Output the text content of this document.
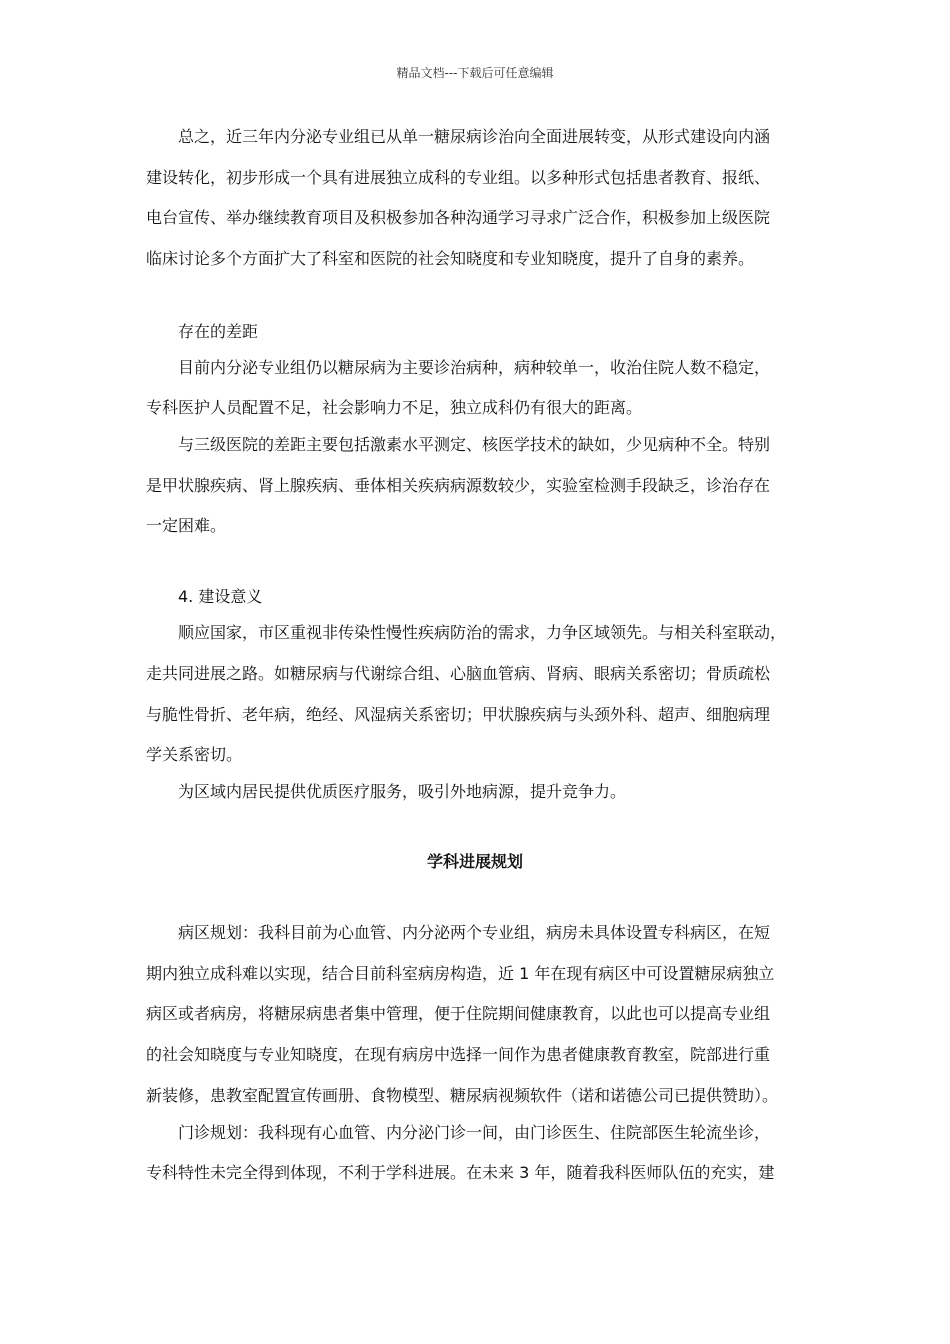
精品文档---下载后可任意编辑
总之，近三年内分泌专业组已从单一糖尿病诊治向全面进展转变，从形式建设向内涵
建设转化，初步形成一个具有进展独立成科的专业组。以多种形式包括患者教育、报纸、
电台宣传、举办继续教育项目及积极参加各种沟通学习寻求广泛合作，积极参加上级医院
临床讨论多个方面扩大了科室和医院的社会知晓度和专业知晓度，提升了自身的素养。
存在的差距
目前内分泌专业组仍以糖尿病为主要诊治病种，病种较单一，收治住院人数不稳定，
专科医护人员配置不足，社会影响力不足，独立成科仍有很大的距离。
与三级医院的差距主要包括激素水平测定、核医学技术的缺如，少见病种不全。特别
是甲状腺疾病、肾上腺疾病、垂体相关疾病病源数较少，实验室检测手段缺乏，诊治存在
一定困难。
4. 建设意义
顺应国家，市区重视非传染性慢性疾病防治的需求，力争区域领先。与相关科室联动，
走共同进展之路。如糖尿病与代谢综合组、心脑血管病、肾病、眼病关系密切；骨质疏松
与脆性骨折、老年病，绝经、风湿病关系密切；甲状腺疾病与头颈外科、超声、细胞病理
学关系密切。
为区域内居民提供优质医疗服务，吸引外地病源，提升竞争力。
学科进展规划
病区规划：我科目前为心血管、内分泌两个专业组，病房未具体设置专科病区，在短
期内独立成科难以实现，结合目前科室病房构造，近 1 年在现有病区中可设置糖尿病独立
病区或者病房，将糖尿病患者集中管理，便于住院期间健康教育，以此也可以提高专业组
的社会知晓度与专业知晓度，在现有病房中选择一间作为患者健康教育教室，院部进行重
新装修，患教室配置宣传画册、食物模型、糖尿病视频软件（诺和诺德公司已提供赞助）。
门诊规划：我科现有心血管、内分泌门诊一间，由门诊医生、住院部医生轮流坐诊，
专科特性未完全得到体现，不利于学科进展。在未来 3 年，随着我科医师队伍的充实，建
